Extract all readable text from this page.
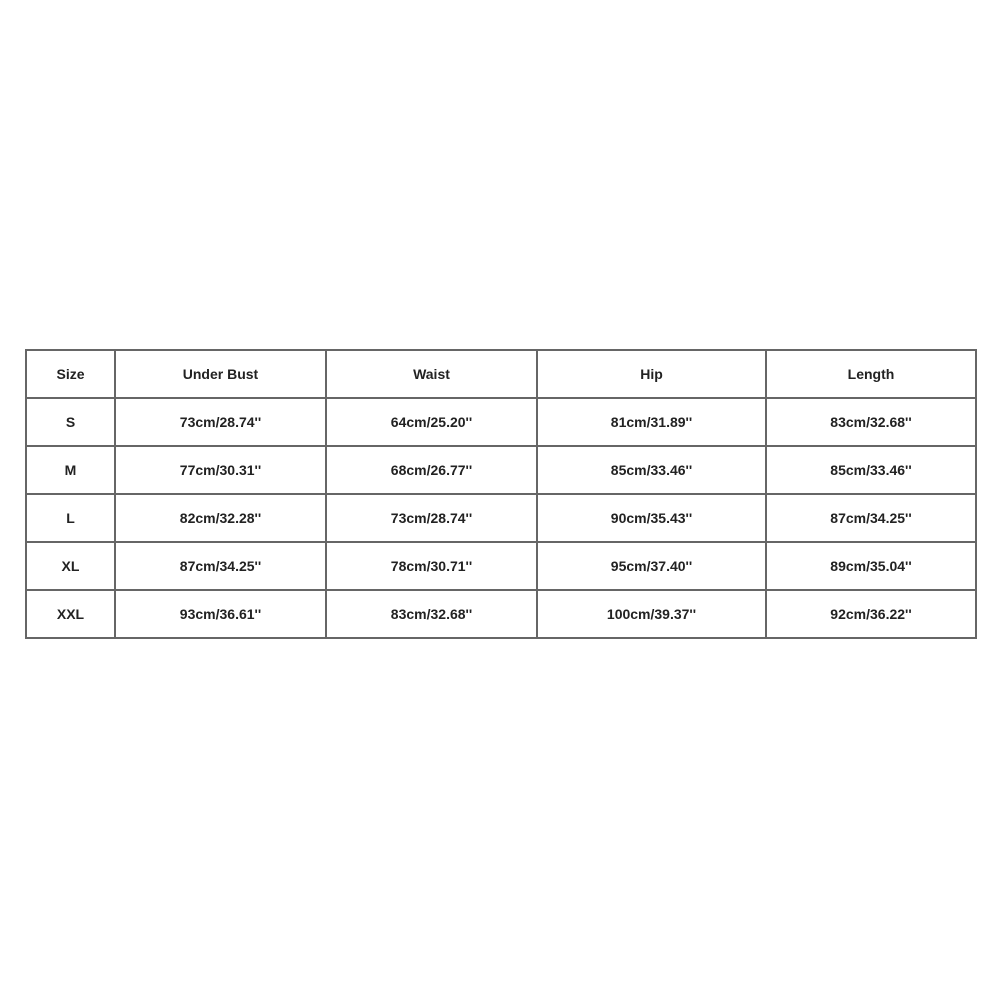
Size	Under Bust	Waist	Hip	Length
S	73cm/28.74''	64cm/25.20''	81cm/31.89''	83cm/32.68''
M	77cm/30.31''	68cm/26.77''	85cm/33.46''	85cm/33.46''
L	82cm/32.28''	73cm/28.74''	90cm/35.43''	87cm/34.25''
XL	87cm/34.25''	78cm/30.71''	95cm/37.40''	89cm/35.04''
XXL	93cm/36.61''	83cm/32.68''	100cm/39.37''	92cm/36.22''
